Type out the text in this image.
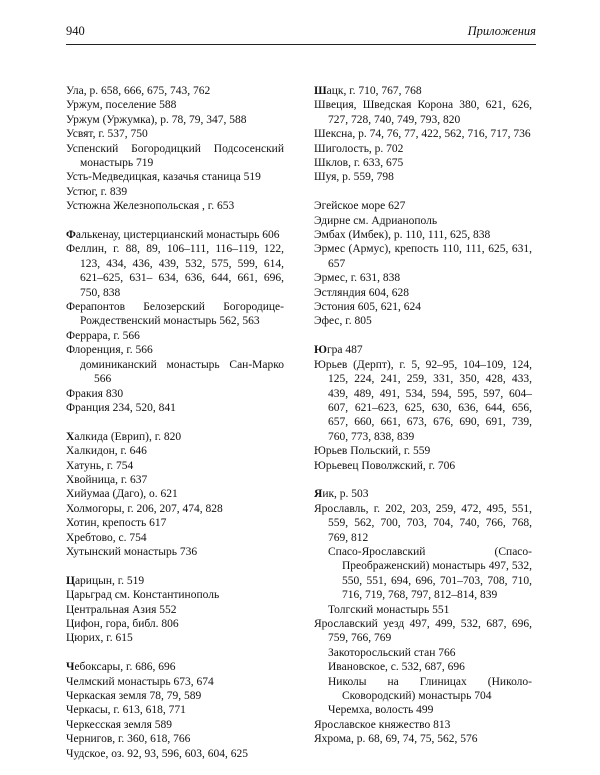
940	Приложения

Ула, р. 658, 666, 675, 743, 762

Уржум, поселение 588

Уржум (Уржумка), р. 78, 79, 347, 588

Усвят, г. 537, 750

Успенский Богородицкий Подсосенский монастырь 719

Усть-Медведицкая, казачья станица 519

Устюг, г. 839

Устюжна Железнопольская , г. 653

Фалькенау, цистерцианский монастырь 606

Феллин, г. 88, 89, 106–111, 116–119, 122, 123, 434, 436, 439, 532, 575, 599, 614, 621–625, 631– 634, 636, 644, 661, 696, 750, 838

Ферапонтов Белозерский Богородице-Рождественский монастырь 562, 563

Феррара, г. 566

Флоренция, г. 566

доминиканский монастырь Сан-Марко 566

Фракия 830

Франция 234, 520, 841

Халкида (Еврип), г. 820

Халкидон, г. 646

Хатунь, г. 754

Хвойница, г. 637

Хийумаа (Даго), о. 621

Холмогоры, г. 206, 207, 474, 828

Хотин, крепость 617

Хребтово, с. 754

Хутынский монастырь 736

Царицын, г. 519

Царьград см. Константинополь

Центральная Азия 552

Цифон, гора, библ. 806

Цюрих, г. 615

Чебоксары, г. 686, 696

Челмский монастырь 673, 674

Черкаская земля 78, 79, 589

Черкасы, г. 613, 618, 771

Черкесская земля 589

Чернигов, г. 360, 618, 766

Чудское, оз. 92, 93, 596, 603, 604, 625

Шацк, г. 710, 767, 768

Швеция, Шведская Корона 380, 621, 626, 727, 728, 740, 749, 793, 820

Шексна, р. 74, 76, 77, 422, 562, 716, 717, 736

Шиголость, р. 702

Шклов, г. 633, 675

Шуя, р. 559, 798

Эгейское море 627

Эдирне см. Адрианополь

Эмбах (Имбек), р. 110, 111, 625, 838

Эрмес (Армус), крепость 110, 111, 625, 631, 657

Эрмес, г. 631, 838

Эстляндия 604, 628

Эстония 605, 621, 624

Эфес, г. 805

Югра 487

Юрьев (Дерпт), г. 5, 92–95, 104–109, 124, 125, 224, 241, 259, 331, 350, 428, 433, 439, 489, 491, 534, 594, 595, 597, 604–607, 621–623, 625, 630, 636, 644, 656, 657, 660, 661, 673, 676, 690, 691, 739, 760, 773, 838, 839

Юрьев Польский, г. 559

Юрьевец Поволжский, г. 706

Яик, р. 503

Ярославль, г. 202, 203, 259, 472, 495, 551, 559, 562, 700, 703, 704, 740, 766, 768, 769, 812

Спасо-Ярославский (Спасо-Преображенский) монастырь 497, 532, 550, 551, 694, 696, 701–703, 708, 710, 716, 719, 768, 797, 812–814, 839

Толгский монастырь 551

Ярославский уезд 497, 499, 532, 687, 696, 759, 766, 769

Закоторосльский стан 766

Ивановское, с. 532, 687, 696

Николы на Глиницах (Николо-Сковородский) монастырь 704

Черемха, волость 499

Ярославское княжество 813

Яхрома, р. 68, 69, 74, 75, 562, 576
